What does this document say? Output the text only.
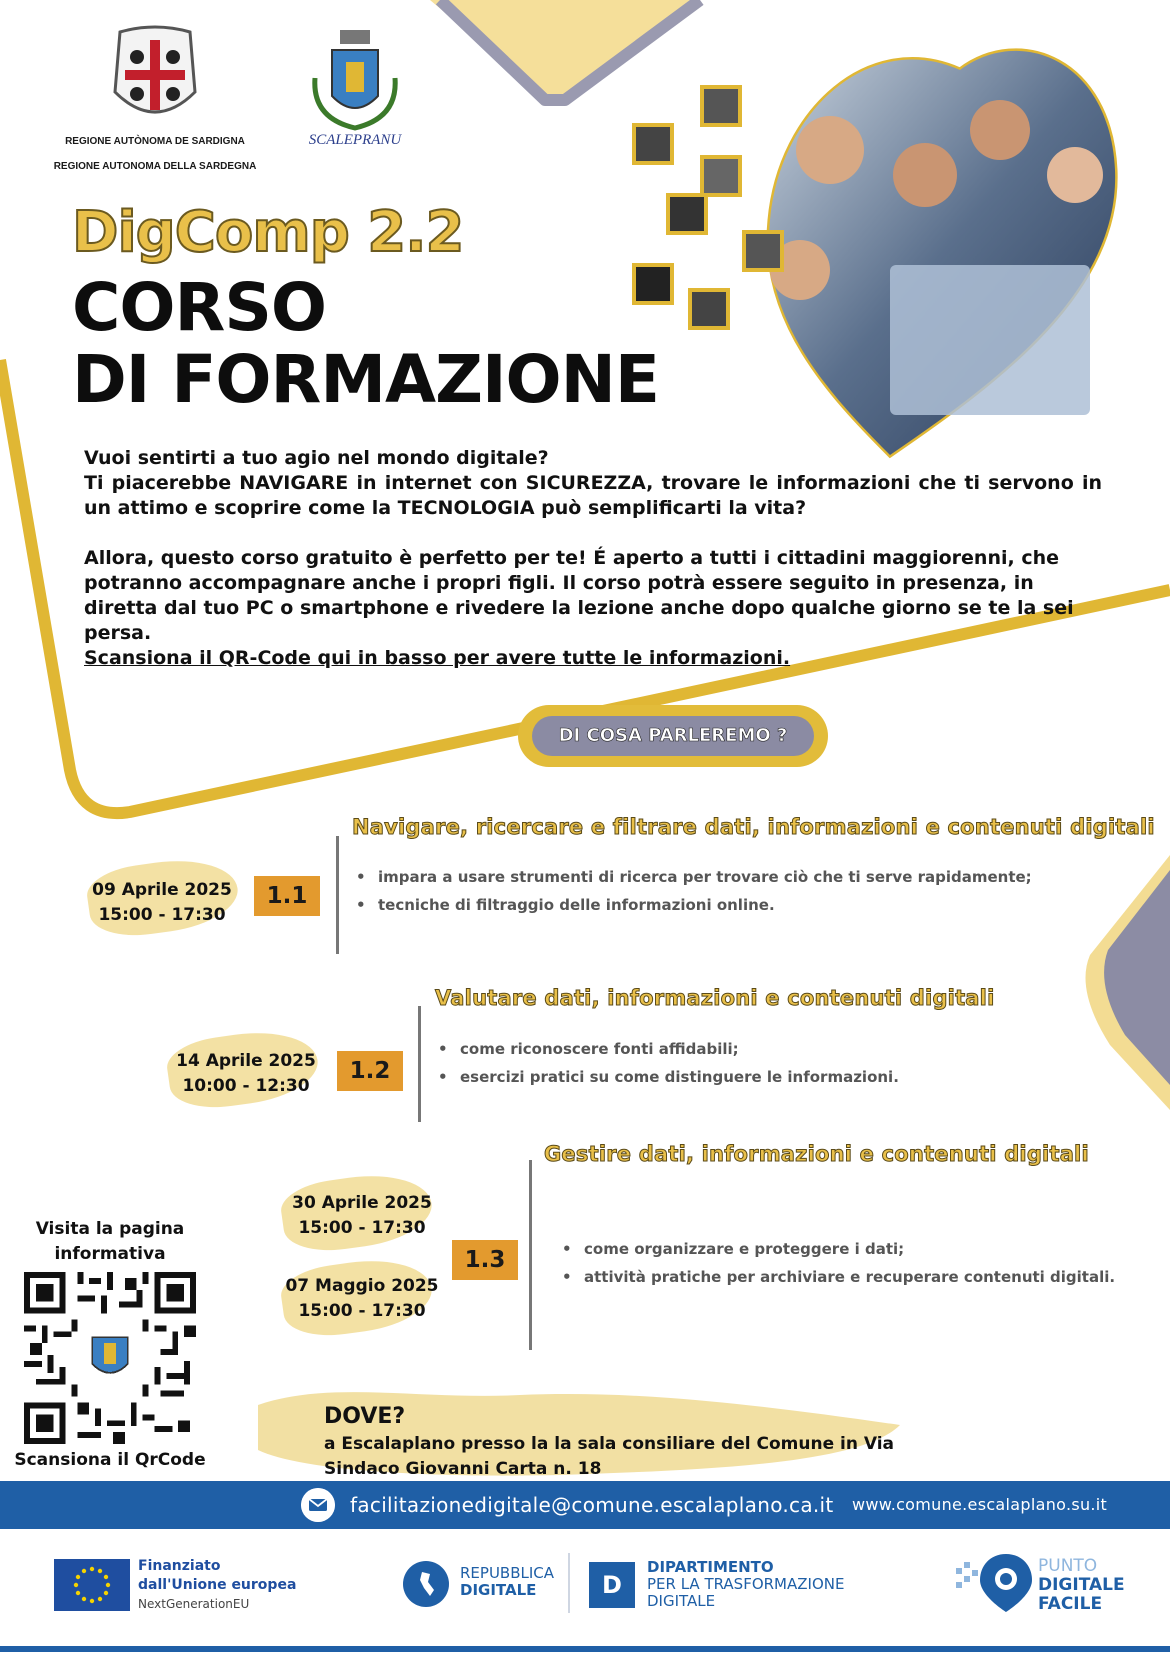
REGIONE AUTÒNOMA DE SARDIGNA
REGIONE AUTONOMA DELLA SARDEGNA
SCALEPRANU
DigComp 2.2
CORSO
DI FORMAZIONE

Vuoi sentirti a tuo agio nel mondo digitale?

Ti piacerebbe NAVIGARE in internet con SICUREZZA, trovare le informazioni che ti servono in un attimo e scoprire come la TECNOLOGIA può semplificarti la vita?

Allora, questo corso gratuito è perfetto per te! É aperto a tutti i cittadini maggiorenni, che potranno accompagnare anche i propri figli. Il corso potrà essere seguito in presenza, in diretta dal tuo PC o smartphone e rivedere la lezione anche dopo qualche giorno se te la sei persa.

Scansiona il QR-Code qui in basso per avere tutte le informazioni.

DI COSA PARLEREMO ?
Navigare, ricercare e filtrare dati, informazioni e contenuti digitali
09 Aprile 2025
15:00 - 17:30
1.1
• impara a usare strumenti di ricerca per trovare ciò che ti serve rapidamente;
• tecniche di filtraggio delle informazioni online.
Valutare dati, informazioni e contenuti digitali
14 Aprile 2025
10:00 - 12:30
1.2
• come riconoscere fonti affidabili;
• esercizi pratici su come distinguere le informazioni.
Gestire dati, informazioni e contenuti digitali
30 Aprile 2025
15:00 - 17:30
07 Maggio 2025
15:00 - 17:30
1.3
•	come organizzare e proteggere i dati;
• attività pratiche per archiviare e recuperare contenuti digitali.
Visita la pagina informativa
Scansiona il QrCode
DOVE?

a Escalaplano presso la la sala consiliare del Comune in Via Sindaco Giovanni Carta n. 18

facilitazionedigitale@comune.escalaplano.ca.it www.comune.escalaplano.su.it
Finanziato
dall'Unione europea
NextGenerationEU
REPUBBLICA
DIGITALE	D
DIPARTIMENTO
PER LA TRASFORMAZIONE
DIGITALE
PUNTO
DIGITALE
FACILE
